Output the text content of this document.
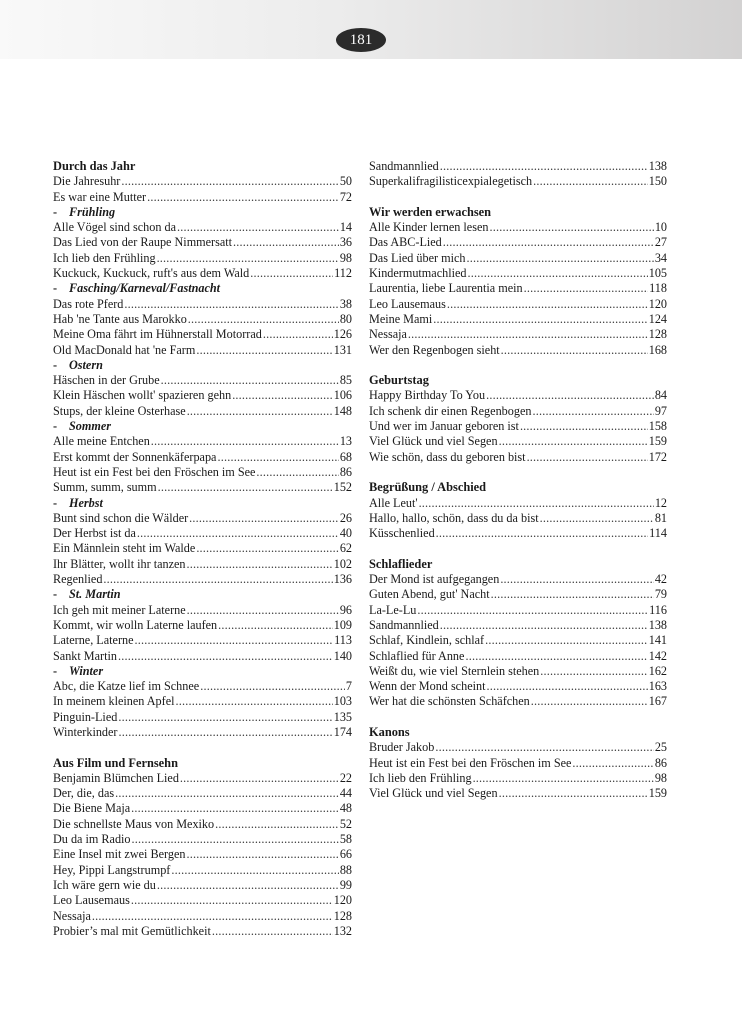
181
Durch das Jahr
Die Jahresuhr .....	50
Es war eine Mutter .....	72
- Frühling
Alle Vögel sind schon da .....	14
Das Lied von der Raupe Nimmersatt .....	36
Ich lieb den Frühling .....	98
Kuckuck, Kuckuck, ruft's aus dem Wald .....	112
- Fasching/Karneval/Fastnacht
Das rote Pferd .....	38
Hab 'ne Tante aus Marokko .....	80
Meine Oma fährt im Hühnerstall Motorrad .....	126
Old MacDonald hat 'ne Farm .....	131
- Ostern
Häschen in der Grube .....	85
Klein Häschen wollt' spazieren gehn .....	106
Stups, der kleine Osterhase .....	148
- Sommer
Alle meine Entchen .....	13
Erst kommt der Sonnenkäferpapa .....	68
Heut ist ein Fest bei den Fröschen im See .....	86
Summ, summ, summ .....	152
- Herbst
Bunt sind schon die Wälder .....	26
Der Herbst ist da .....	40
Ein Männlein steht im Walde .....	62
Ihr Blätter, wollt ihr tanzen .....	102
Regenlied .....	136
- St. Martin
Ich geh mit meiner Laterne .....	96
Kommt, wir wolln Laterne laufen .....	109
Laterne, Laterne .....	113
Sankt Martin .....	140
- Winter
Abc, die Katze lief im Schnee .....	7
In meinem kleinen Apfel .....	103
Pinguin-Lied .....	135
Winterkinder .....	174
Aus Film und Fernsehn
Benjamin Blümchen Lied .....	22
Der, die, das .....	44
Die Biene Maja .....	48
Die schnellste Maus von Mexiko .....	52
Du da im Radio .....	58
Eine Insel mit zwei Bergen .....	66
Hey, Pippi Langstrumpf .....	88
Ich wäre gern wie du .....	99
Leo Lausemaus .....	120
Nessaja .....	128
Probier’s mal mit Gemütlichkeit .....	132
Sandmannlied .....	138
Superkalifragilisticexpialegetisch .....	150
Wir werden erwachsen
Alle Kinder lernen lesen .....	10
Das ABC-Lied .....	27
Das Lied über mich .....	34
Kindermutmachlied .....	105
Laurentia, liebe Laurentia mein .....	118
Leo Lausemaus .....	120
Meine Mami .....	124
Nessaja .....	128
Wer den Regenbogen sieht .....	168
Geburtstag
Happy Birthday To You .....	84
Ich schenk dir einen Regenbogen .....	97
Und wer im Januar geboren ist .....	158
Viel Glück und viel Segen .....	159
Wie schön, dass du geboren bist .....	172
Begrüßung / Abschied
Alle Leut' .....	12
Hallo, hallo, schön, dass du da bist .....	81
Küsschenlied .....	114
Schlaflieder
Der Mond ist aufgegangen .....	42
Guten Abend, gut' Nacht .....	79
La-Le-Lu .....	116
Sandmannlied .....	138
Schlaf, Kindlein, schlaf .....	141
Schlaflied für Anne .....	142
Weißt du, wie viel Sternlein stehen .....	162
Wenn der Mond scheint .....	163
Wer hat die schönsten Schäfchen .....	167
Kanons
Bruder Jakob .....	25
Heut ist ein Fest bei den Fröschen im See .....	86
Ich lieb den Frühling .....	98
Viel Glück und viel Segen .....	159
